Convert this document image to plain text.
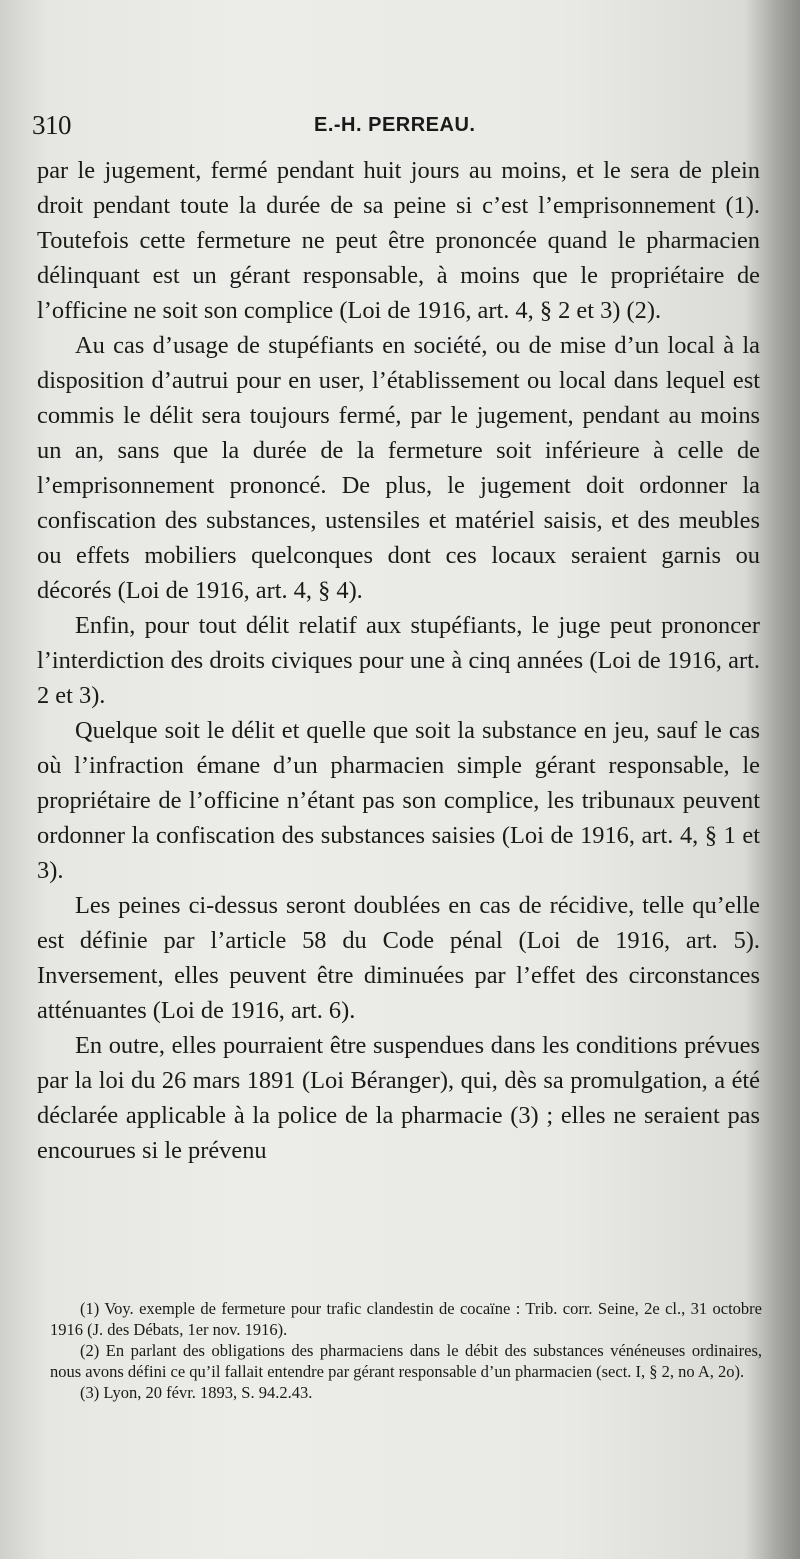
310	E.-H. PERREAU.

par le jugement, fermé pendant huit jours au moins, et le sera de plein droit pendant toute la durée de sa peine si c’est l’emprisonnement (1). Toutefois cette fermeture ne peut être prononcée quand le pharmacien délinquant est un gérant responsable, à moins que le propriétaire de l’officine ne soit son complice (Loi de 1916, art. 4, § 2 et 3) (2).

Au cas d’usage de stupéfiants en société, ou de mise d’un local à la disposition d’autrui pour en user, l’établissement ou local dans lequel est commis le délit sera toujours fermé, par le jugement, pendant au moins un an, sans que la durée de la fermeture soit inférieure à celle de l’emprisonnement prononcé. De plus, le jugement doit ordonner la confiscation des substances, ustensiles et matériel saisis, et des meubles ou effets mobiliers quelconques dont ces locaux seraient garnis ou décorés (Loi de 1916, art. 4, § 4).

Enfin, pour tout délit relatif aux stupéfiants, le juge peut prononcer l’interdiction des droits civiques pour une à cinq années (Loi de 1916, art. 2 et 3).

Quelque soit le délit et quelle que soit la substance en jeu, sauf le cas où l’infraction émane d’un pharmacien simple gérant responsable, le propriétaire de l’officine n’étant pas son complice, les tribunaux peuvent ordonner la confiscation des substances saisies (Loi de 1916, art. 4, § 1 et 3).

Les peines ci-dessus seront doublées en cas de récidive, telle qu’elle est définie par l’article 58 du Code pénal (Loi de 1916, art. 5). Inversement, elles peuvent être diminuées par l’effet des circonstances atténuantes (Loi de 1916, art. 6).

En outre, elles pourraient être suspendues dans les conditions prévues par la loi du 26 mars 1891 (Loi Béranger), qui, dès sa promulgation, a été déclarée applicable à la police de la pharmacie (3) ; elles ne seraient pas encourues si le prévenu

(1) Voy. exemple de fermeture pour trafic clandestin de cocaïne : Trib. corr. Seine, 2e cl., 31 octobre 1916 (J. des Débats, 1er nov. 1916).

(2) En parlant des obligations des pharmaciens dans le débit des substances vénéneuses ordinaires, nous avons défini ce qu’il fallait entendre par gérant responsable d’un pharmacien (sect. I, § 2, no A, 2o).

(3) Lyon, 20 févr. 1893, S. 94.2.43.
